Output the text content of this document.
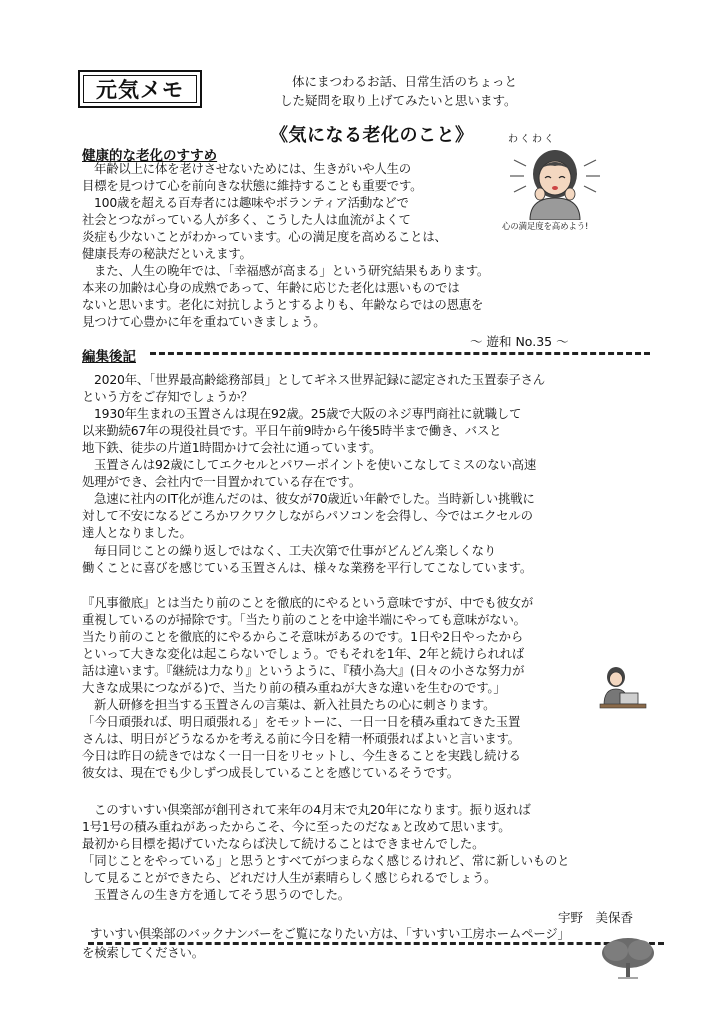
元気メモ	体にまつわるお話、日常生活のちょっと
した疑問を取り上げてみたいと思います。
《気になる老化のこと》	わくわく
心の満足度を高めよう!
健康的な老化のすすめ
年齢以上に体を老けさせないためには、生きがいや人生の
目標を見つけて心を前向きな状態に維持することも重要です。
100歳を超える百寿者には趣味やボランティア活動などで
社会とつながっている人が多く、こうした人は血流がよくて
炎症も少ないことがわかっています。心の満足度を高めることは、
健康長寿の秘訣だといえます。
また、人生の晩年では、「幸福感が高まる」という研究結果もあります。
本来の加齢は心身の成熟であって、年齢に応じた老化は悪いものでは
ないと思います。老化に対抗しようとするよりも、年齢ならではの恩恵を
見つけて心豊かに年を重ねていきましょう。
～ 遊和 No.35 ～
編集後記
2020年、「世界最高齢総務部員」としてギネス世界記録に認定された玉置泰子さん
という方をご存知でしょうか？
1930年生まれの玉置さんは現在92歳。25歳で大阪のネジ専門商社に就職して
以来勤続67年の現役社員です。平日午前9時から午後5時半まで働き、バスと
地下鉄、徒歩の片道1時間かけて会社に通っています。
玉置さんは92歳にしてエクセルとパワーポイントを使いこなしてミスのない高速
処理ができ、会社内で一目置かれている存在です。
急速に社内のIT化が進んだのは、彼女が70歳近い年齢でした。当時新しい挑戦に
対して不安になるどころかワクワクしながらパソコンを会得し、今ではエクセルの
達人となりました。
毎日同じことの繰り返しではなく、工夫次第で仕事がどんどん楽しくなり
働くことに喜びを感じている玉置さんは、様々な業務を平行してこなしています。
『凡事徹底』とは当たり前のことを徹底的にやるという意味ですが、中でも彼女が
重視しているのが掃除です。「当たり前のことを中途半端にやっても意味がない。
当たり前のことを徹底的にやるからこそ意味があるのです。1日や2日やったから
といって大きな変化は起こらないでしょう。でもそれを1年、2年と続けられれば
話は違います。『継続は力なり』というように、『積小為大』(日々の小さな努力が
大きな成果につながる)で、当たり前の積み重ねが大きな違いを生むのです。」
新人研修を担当する玉置さんの言葉は、新入社員たちの心に刺さります。
「今日頑張れば、明日頑張れる」をモットーに、一日一日を積み重ねてきた玉置
さんは、明日がどうなるかを考える前に今日を精一杯頑張ればよいと言います。
今日は昨日の続きではなく一日一日をリセットし、今生きることを実践し続ける
彼女は、現在でも少しずつ成長していることを感じているそうです。
このすいすい倶楽部が創刊されて来年の4月末で丸20年になります。振り返れば
1号1号の積み重ねがあったからこそ、今に至ったのだなぁと改めて思います。
最初から目標を掲げていたならば決して続けることはできませんでした。
「同じことをやっている」と思うとすべてがつまらなく感じるけれど、常に新しいものと
して見ることができたら、どれだけ人生が素晴らしく感じられるでしょう。
玉置さんの生き方を通してそう思うのでした。
宇野　美保香
すいすい倶楽部のバックナンバーをご覧になりたい方は、「すいすい工房ホームページ」
を検索してください。
